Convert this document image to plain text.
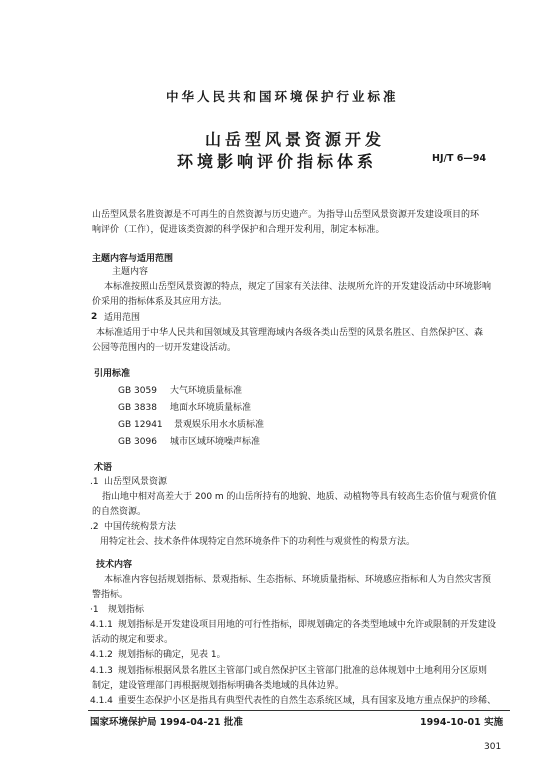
中华人民共和国环境保护行业标准
山岳型风景资源开发
环境影响评价指标体系	HJ/T 6—94
山岳型风景名胜资源是不可再生的自然资源与历史遗产。为指导山岳型风景资源开发建设项目的环
响评价（工作），促进该类资源的科学保护和合理开发利用，制定本标准。
主题内容与适用范围
主题内容
本标准按照山岳型风景资源的特点，规定了国家有关法律、法规所允许的开发建设活动中环境影响
价采用的指标体系及其应用方法。
2 适用范围
本标准适用于中华人民共和国领域及其管理海域内各级各类山岳型的风景名胜区、自然保护区、森
公园等范围内的一切开发建设活动。
引用标准
GB 3059 大气环境质量标准
GB 3838 地面水环境质量标准
GB 12941 景观娱乐用水水质标准
GB 3096 城市区域环境噪声标准
术语
.1 山岳型风景资源
指山地中相对高差大于 200 m 的山岳所持有的地貌、地质、动植物等具有较高生态价值与观赏价值
的自然资源。
.2 中国传统构景方法
用特定社会、技术条件体现特定自然环境条件下的功利性与观赏性的构景方法。
技术内容
本标准内容包括规划指标、景观指标、生态指标、环境质量指标、环境感应指标和人为自然灾害预
警指标。
·1 规划指标
4.1.1 规划指标是开发建设项目用地的可行性指标，即规划确定的各类型地域中允许或限制的开发建设
活动的规定和要求。
4.1.2 规划指标的确定，见表 1。
4.1.3 规划指标根据风景名胜区主管部门或自然保护区主管部门批准的总体规划中土地利用分区原则
制定，建设管理部门再根据规划指标明确各类地域的具体边界。
4.1.4 重要生态保护小区是指具有典型代表性的自然生态系统区域，具有国家及地方重点保护的珍稀、
国家环境保护局 1994-04-21 批准	1994-10-01 实施
301
